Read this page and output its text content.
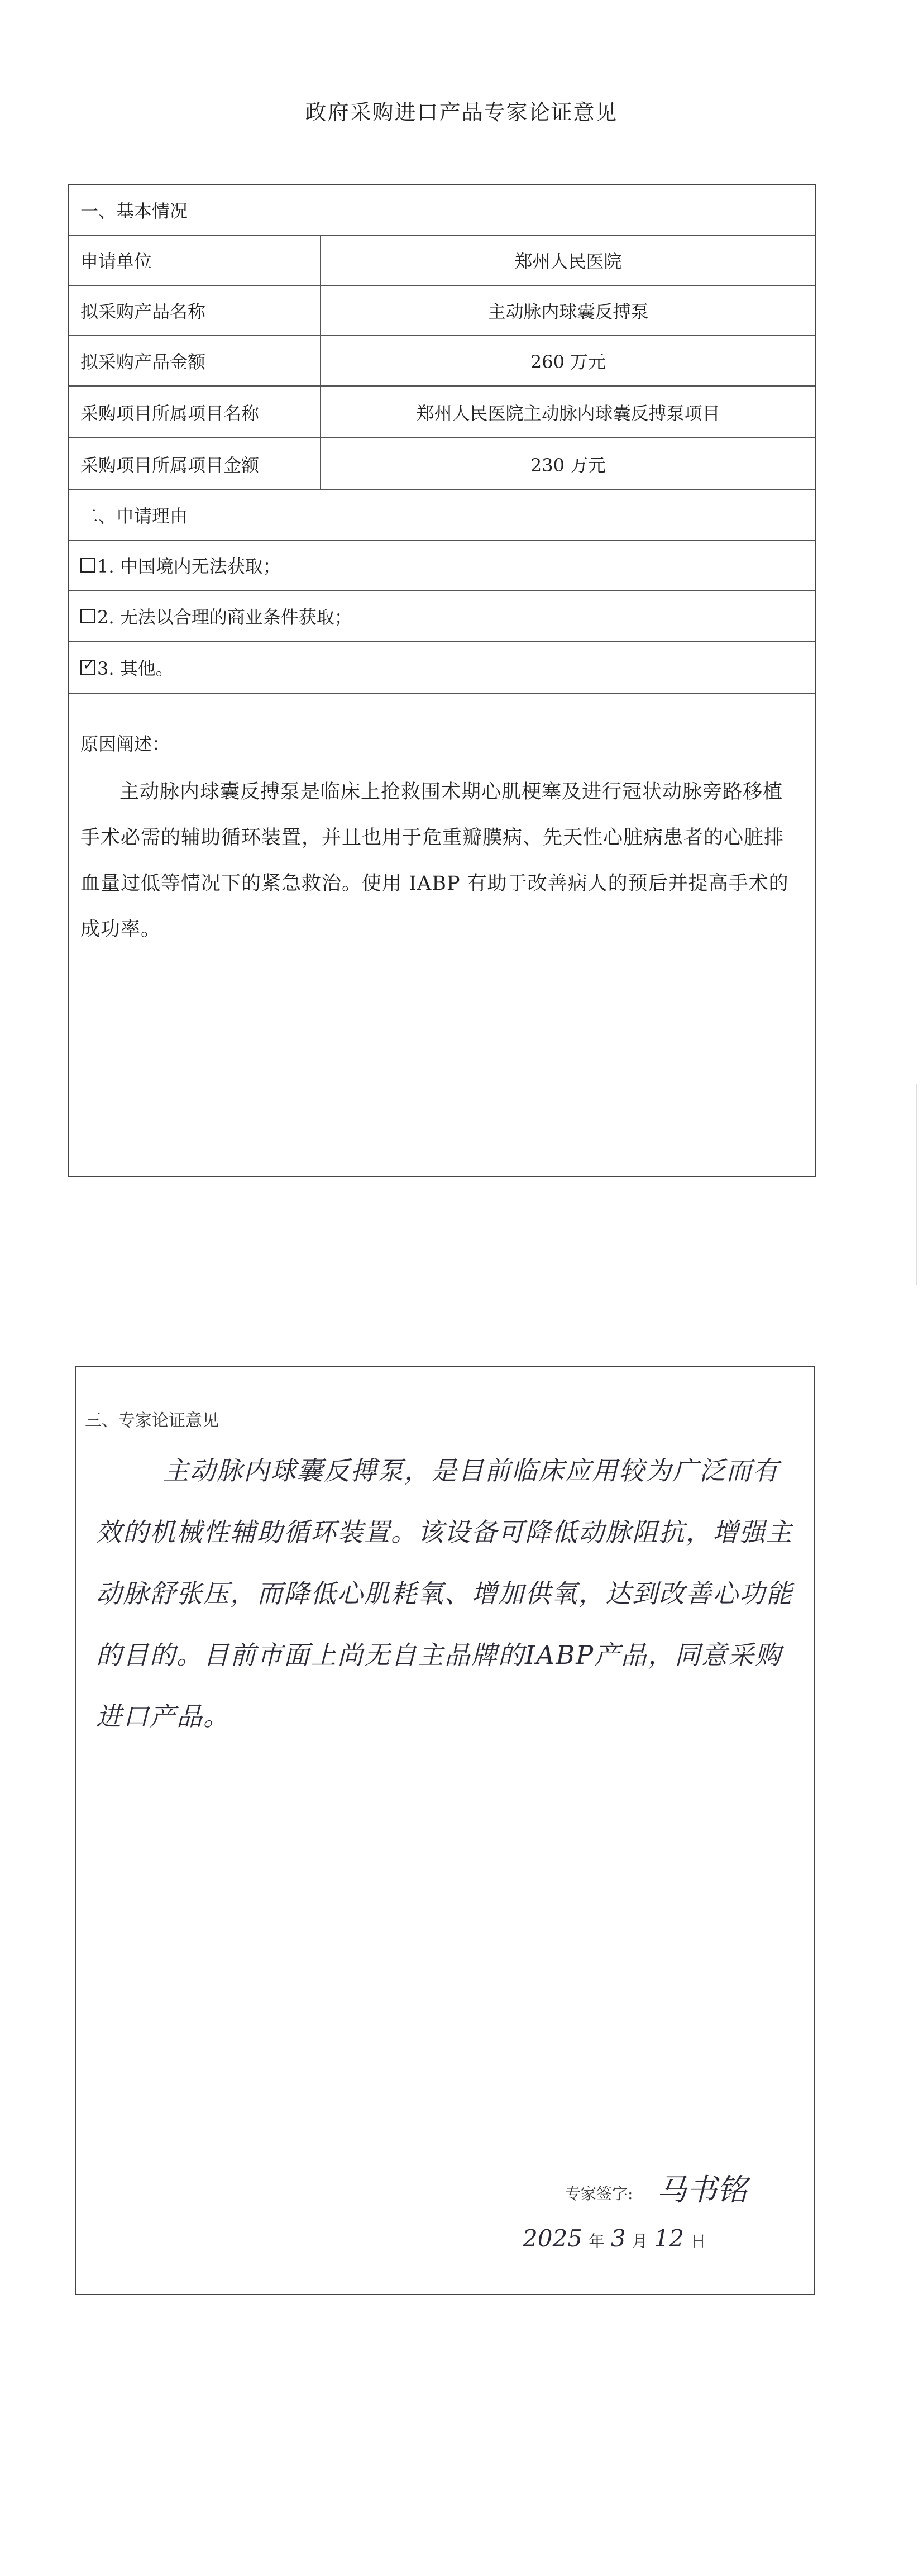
政府采购进口产品专家论证意见
一、基本情况
申请单位	郑州人民医院
拟采购产品名称	主动脉内球囊反搏泵
拟采购产品金额	260 万元
采购项目所属项目名称	郑州人民医院主动脉内球囊反搏泵项目
采购项目所属项目金额	230 万元
二、申请理由
1. 中国境内无法获取；
2. 无法以合理的商业条件获取；
✓
3. 其他。
原因阐述：
主动脉内球囊反搏泵是临床上抢救围术期心肌梗塞及进行冠状动脉旁路移植手术必需的辅助循环装置，并且也用于危重瓣膜病、先天性心脏病患者的心脏排血量过低等情况下的紧急救治。使用 IABP 有助于改善病人的预后并提高手术的成功率。
三、专家论证意见
主动脉内球囊反搏泵，是目前临床应用较为广泛而有效的机械性辅助循环装置。该设备可降低动脉阻抗，增强主动脉舒张压，而降低心肌耗氧、增加供氧，达到改善心功能的目的。目前市面上尚无自主品牌的IABP产品，同意采购进口产品。
专家签字: 马书铭
2025 年 3 月 12 日
